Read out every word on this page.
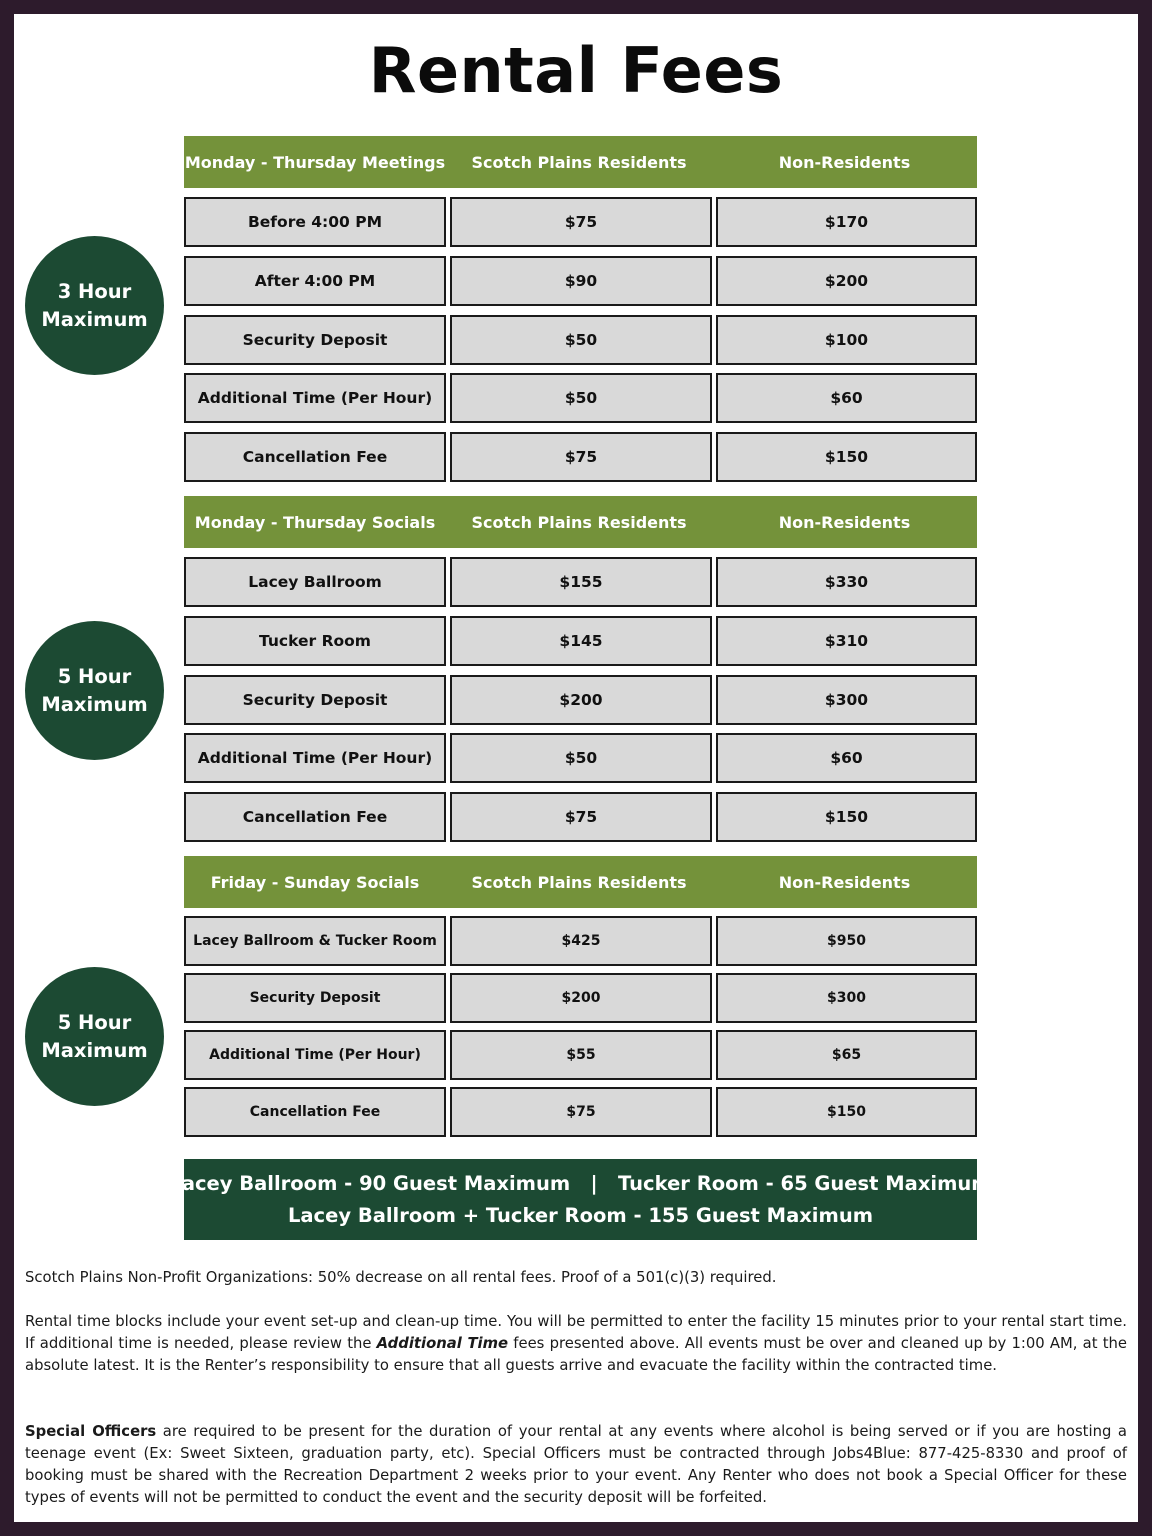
Rental Fees
3 Hour
Maximum
Monday - Thursday Meetings	Scotch Plains Residents	Non-Residents
Before 4:00 PM	$75	$170
After 4:00 PM	$90	$200
Security Deposit	$50	$100
Additional Time (Per Hour)	$50	$60
Cancellation Fee	$75	$150
5 Hour
Maximum
Monday - Thursday Socials	Scotch Plains Residents	Non-Residents
Lacey Ballroom	$155	$330
Tucker Room	$145	$310
Security Deposit	$200	$300
Additional Time (Per Hour)	$50	$60
Cancellation Fee	$75	$150
5 Hour
Maximum
Friday - Sunday Socials	Scotch Plains Residents	Non-Residents
Lacey Ballroom & Tucker Room	$425	$950
Security Deposit	$200	$300
Additional Time (Per Hour)	$55	$65
Cancellation Fee	$75	$150
Lacey Ballroom - 90 Guest Maximum   |   Tucker Room - 65 Guest Maximum
Lacey Ballroom + Tucker Room - 155 Guest Maximum
Scotch Plains Non-Profit Organizations: 50% decrease on all rental fees. Proof of a 501(c)(3) required.
Rental time blocks include your event set-up and clean-up time. You will be permitted to enter the facility 15 minutes prior to your rental start time. If additional time is needed, please review the Additional Time fees presented above. All events must be over and cleaned up by 1:00 AM, at the absolute latest. It is the Renter’s responsibility to ensure that all guests arrive and evacuate the facility within the contracted time.
Special Officers are required to be present for the duration of your rental at any events where alcohol is being served or if you are hosting a teenage event (Ex: Sweet Sixteen, graduation party, etc). Special Officers must be contracted through Jobs4Blue: 877-425-8330 and proof of booking must be shared with the Recreation Department 2 weeks prior to your event. Any Renter who does not book a Special Officer for these types of events will not be permitted to conduct the event and the security deposit will be forfeited.
